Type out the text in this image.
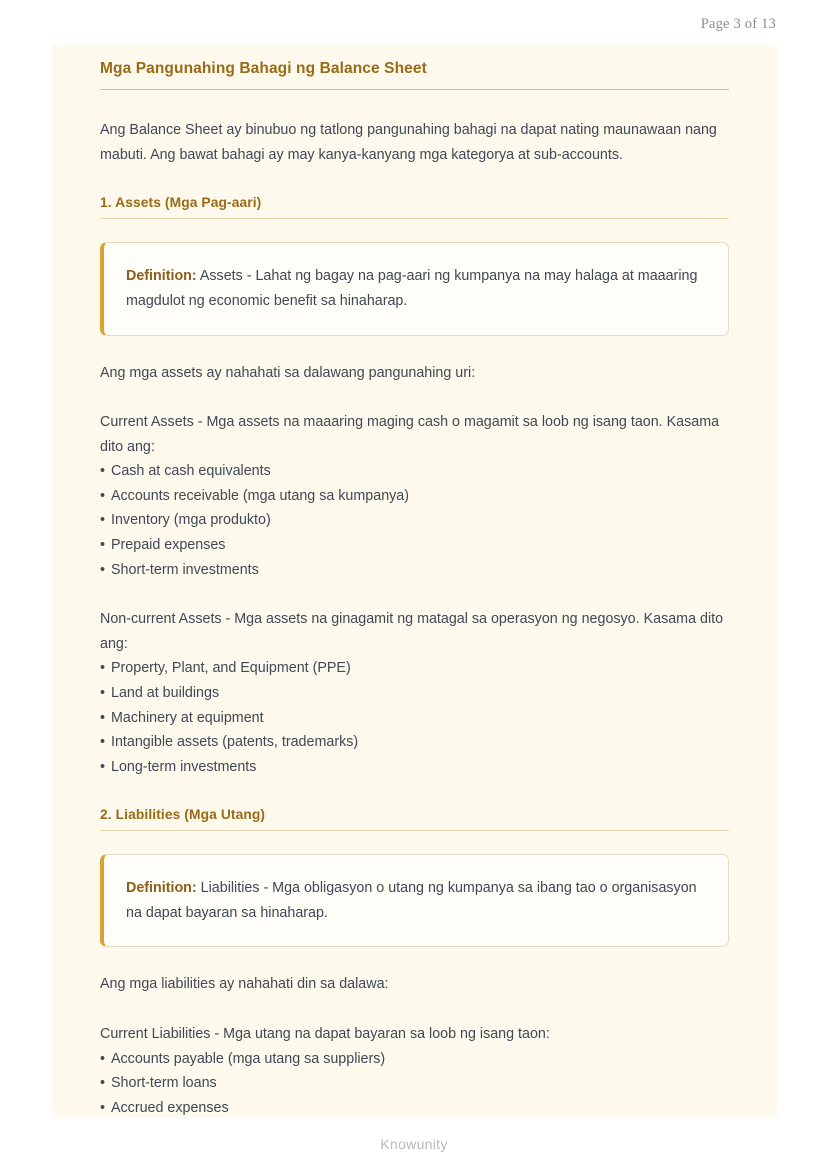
Page 3 of 13
Mga Pangunahing Bahagi ng Balance Sheet

Ang Balance Sheet ay binubuo ng tatlong pangunahing bahagi na dapat nating maunawaan nang mabuti. Ang bawat bahagi ay may kanya-kanyang mga kategorya at sub-accounts.

1. Assets (Mga Pag-aari)

Definition: Assets - Lahat ng bagay na pag-aari ng kumpanya na may halaga at maaaring magdulot ng economic benefit sa hinaharap.

Ang mga assets ay nahahati sa dalawang pangunahing uri:

Current Assets - Mga assets na maaaring maging cash o magamit sa loob ng isang taon. Kasama dito ang:

• Cash at cash equivalents
• Accounts receivable (mga utang sa kumpanya)
• Inventory (mga produkto)
• Prepaid expenses
• Short-term investments

Non-current Assets - Mga assets na ginagamit ng matagal sa operasyon ng negosyo. Kasama dito ang:

• Property, Plant, and Equipment (PPE)
• Land at buildings
• Machinery at equipment
• Intangible assets (patents, trademarks)
• Long-term investments
2. Liabilities (Mga Utang)

Definition: Liabilities - Mga obligasyon o utang ng kumpanya sa ibang tao o organisasyon na dapat bayaran sa hinaharap.

Ang mga liabilities ay nahahati din sa dalawa:

Current Liabilities - Mga utang na dapat bayaran sa loob ng isang taon:

• Accounts payable (mga utang sa suppliers)
• Short-term loans
• Accrued expenses
Knowunity
